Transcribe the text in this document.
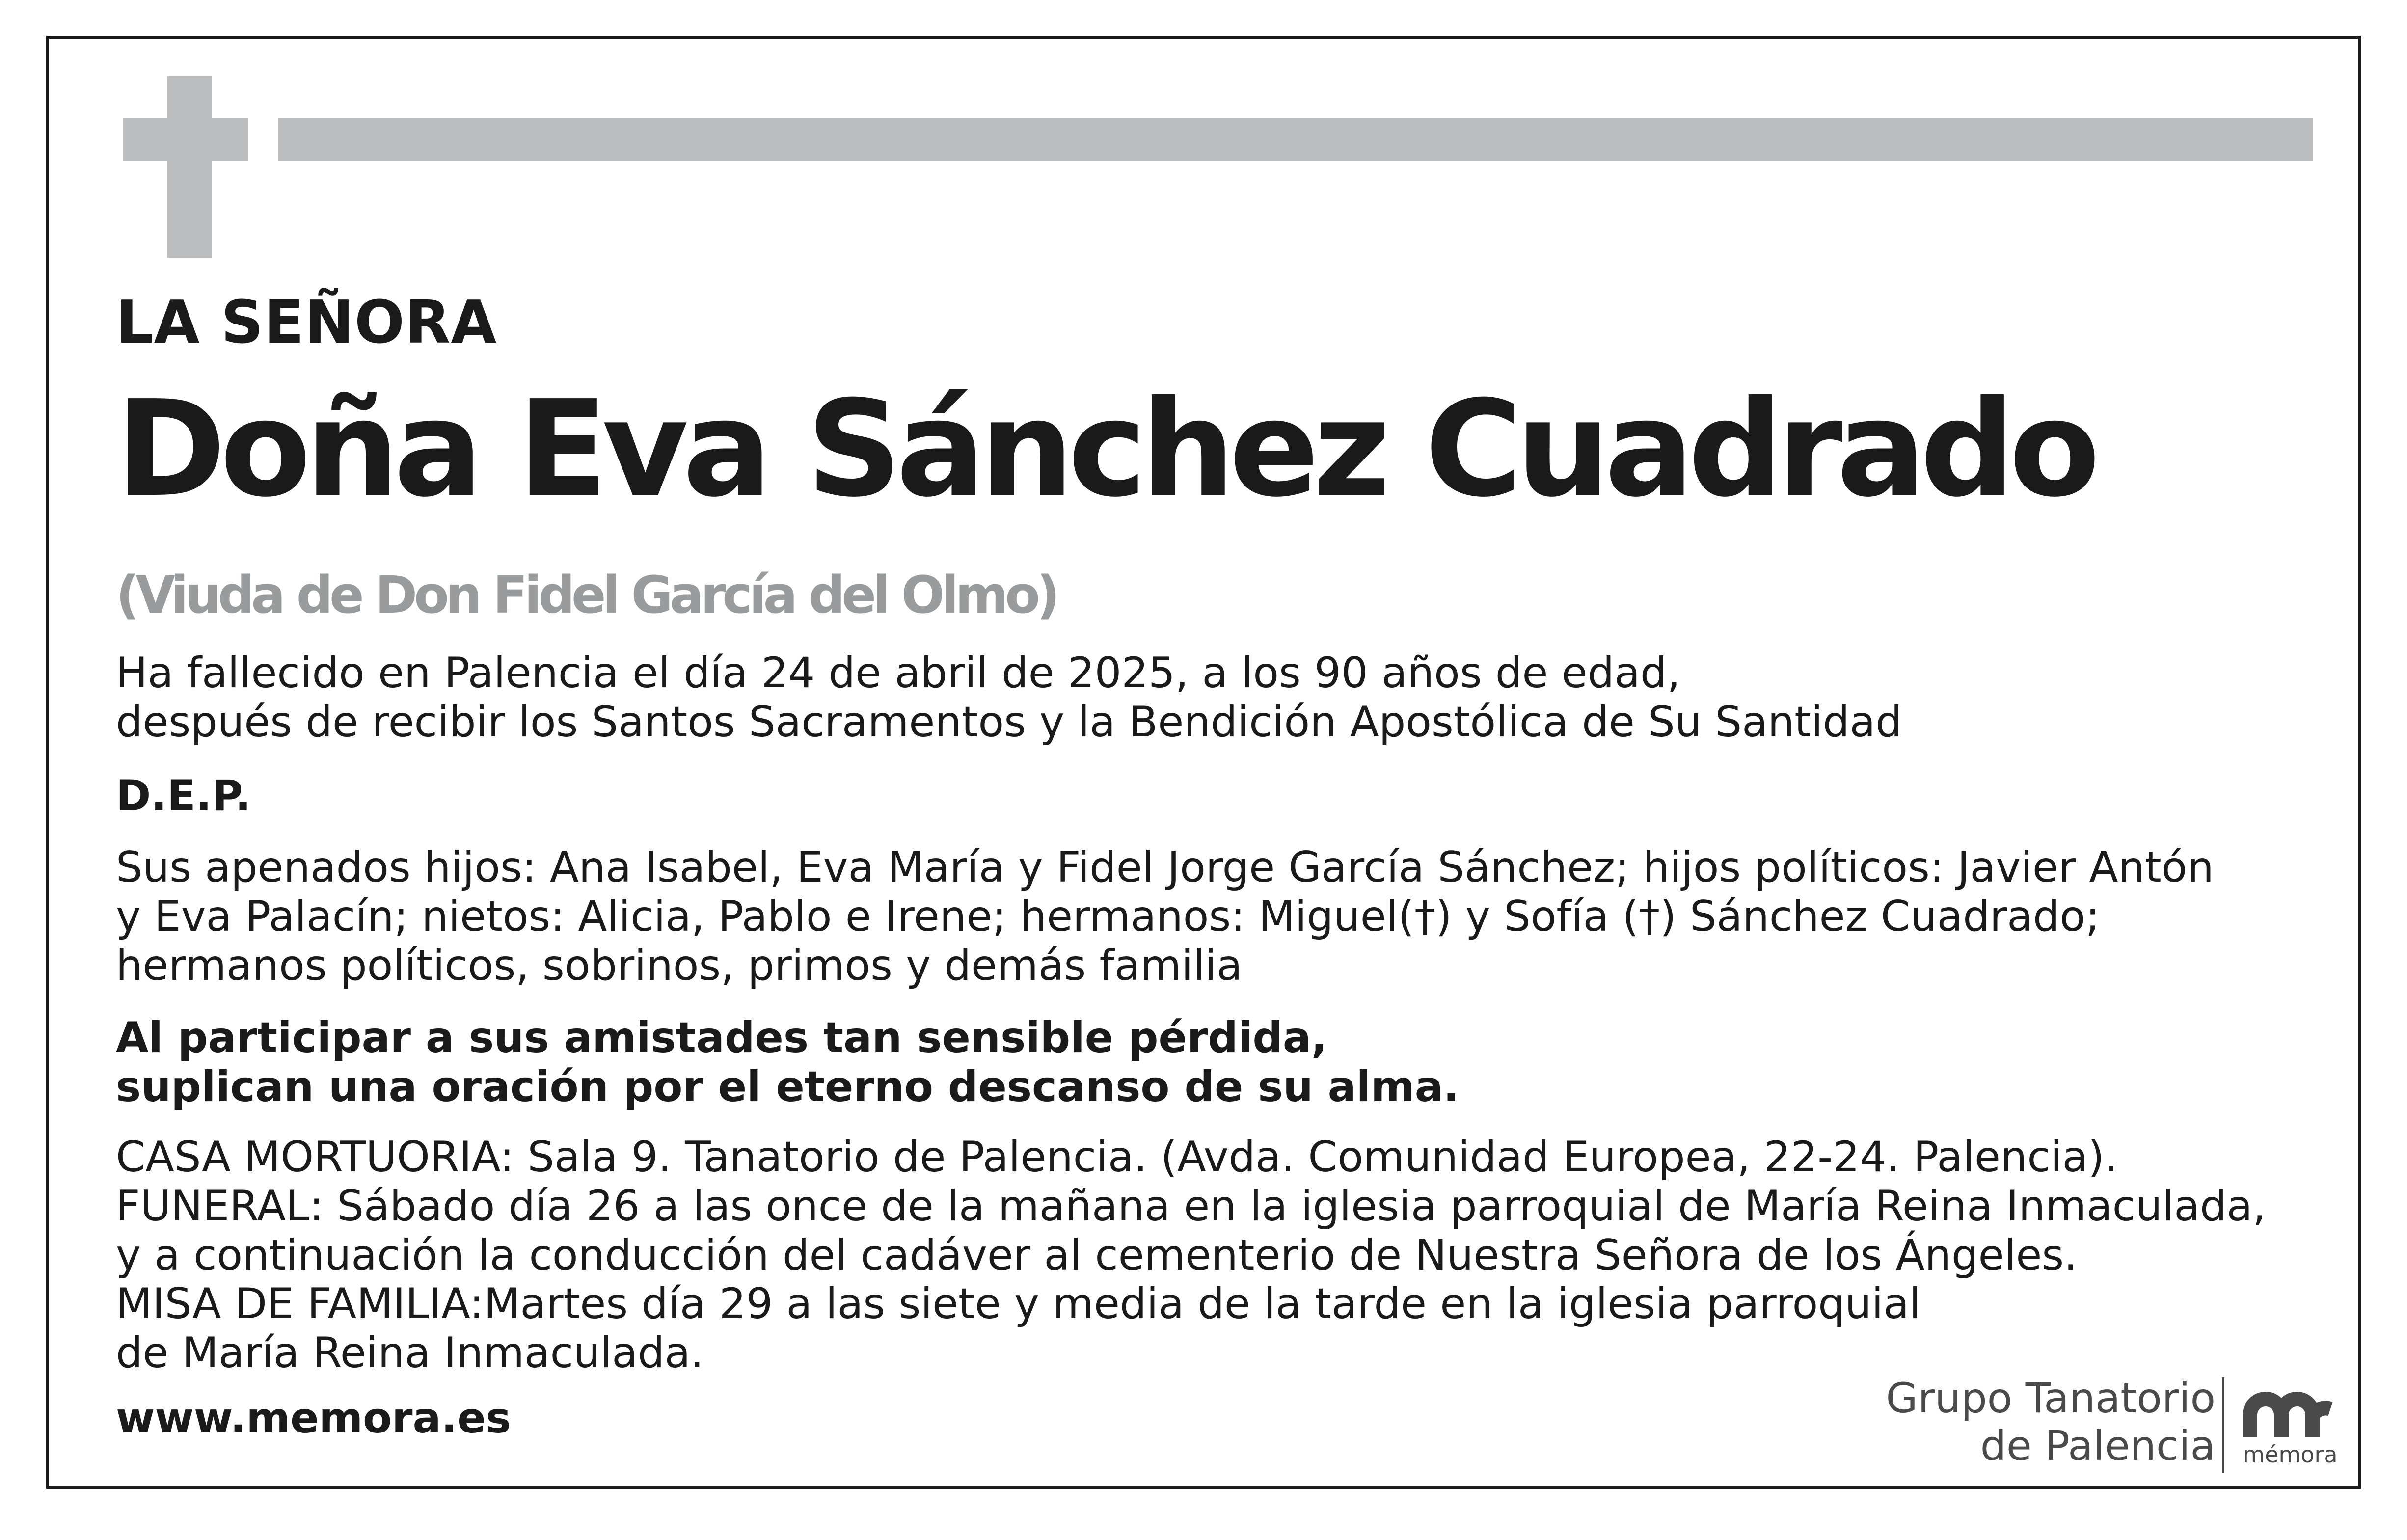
LA SEÑORA
Doña Eva Sánchez Cuadrado
(Viuda de Don Fidel García del Olmo)
Ha fallecido en Palencia el día 24 de abril de 2025, a los 90 años de edad,
después de recibir los Santos Sacramentos y la Bendición Apostólica de Su Santidad
D.E.P.
Sus apenados hijos: Ana Isabel, Eva María y Fidel Jorge García Sánchez; hijos políticos: Javier Antón
y Eva Palacín; nietos: Alicia, Pablo e Irene; hermanos: Miguel(†) y Sofía (†) Sánchez Cuadrado;
hermanos políticos, sobrinos, primos y demás familia
Al participar a sus amistades tan sensible pérdida,
suplican una oración por el eterno descanso de su alma.
CASA MORTUORIA: Sala 9. Tanatorio de Palencia. (Avda. Comunidad Europea, 22-24. Palencia).
FUNERAL: Sábado día 26 a las once de la mañana en la iglesia parroquial de María Reina Inmaculada,
y a continuación la conducción del cadáver al cementerio de Nuestra Señora de los Ángeles.
MISA DE FAMILIA:Martes día 29 a las siete y media de la tarde en la iglesia parroquial
de María Reina Inmaculada.
www.memora.es	Grupo Tanatorio
de Palencia mémora
